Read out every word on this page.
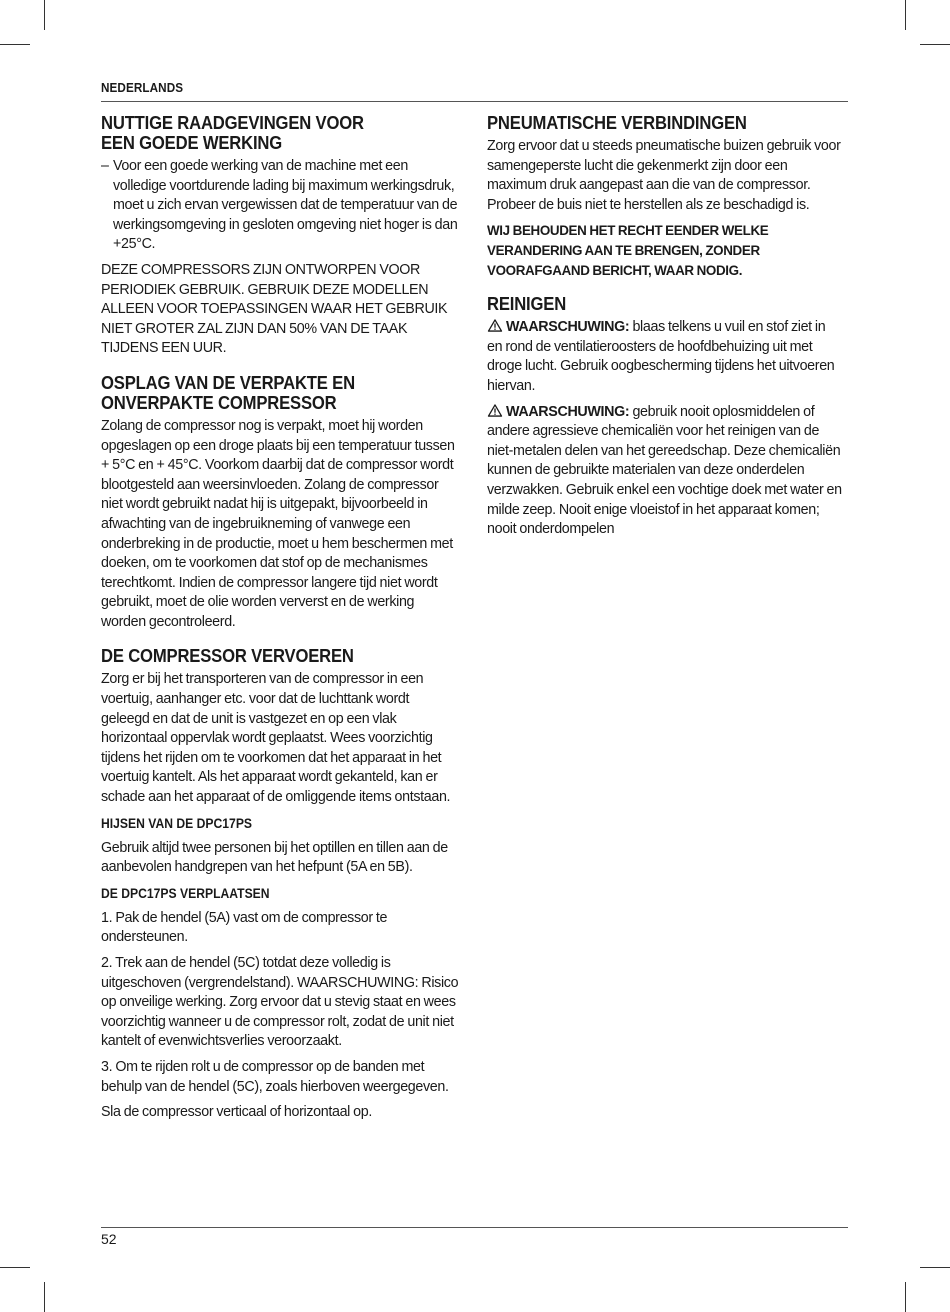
NEDERLANDS
NUTTIGE RAADGEVINGEN VOOR
EEN GOEDE WERKING
– Voor een goede werking van de machine met een volledige voortdurende lading bij maximum werkingsdruk, moet u zich ervan vergewissen dat de temperatuur van de werkingsomgeving in gesloten omgeving niet hoger is dan +25°C.

DEZE COMPRESSORS ZIJN ONTWORPEN VOOR PERIODIEK GEBRUIK. GEBRUIK DEZE MODELLEN ALLEEN VOOR TOEPASSINGEN WAAR HET GEBRUIK NIET GROTER ZAL ZIJN DAN 50% VAN DE TAAK TIJDENS EEN UUR.

OSPLAG VAN DE VERPAKTE EN
ONVERPAKTE COMPRESSOR

Zolang de compressor nog is verpakt, moet hij worden opgeslagen op een droge plaats bij een temperatuur tussen + 5°C en + 45°C. Voorkom daarbij dat de compressor wordt blootgesteld aan weersinvloeden. Zolang de compressor niet wordt gebruikt nadat hij is uitgepakt, bijvoorbeeld in afwachting van de ingebruikneming of vanwege een onderbreking in de productie, moet u hem beschermen met doeken, om te voorkomen dat stof op de mechanismes terechtkomt. Indien de compressor langere tijd niet wordt gebruikt, moet de olie worden ververst en de werking worden gecontroleerd.

DE COMPRESSOR VERVOEREN

Zorg er bij het transporteren van de compressor in een voertuig, aanhanger etc. voor dat de luchttank wordt geleegd en dat de unit is vastgezet en op een vlak horizontaal oppervlak wordt geplaatst. Wees voorzichtig tijdens het rijden om te voorkomen dat het apparaat in het voertuig kantelt. Als het apparaat wordt gekanteld, kan er schade aan het apparaat of de omliggende items ontstaan.

HIJSEN VAN DE DPC17PS

Gebruik altijd twee personen bij het optillen en tillen aan de aanbevolen handgrepen van het hefpunt (5A en 5B).

DE DPC17PS VERPLAATSEN

1. Pak de hendel (5A) vast om de compressor te ondersteunen.

2. Trek aan de hendel (5C) totdat deze volledig is uitgeschoven (vergrendelstand). WAARSCHUWING: Risico op onveilige werking. Zorg ervoor dat u stevig staat en wees voorzichtig wanneer u de compressor rolt, zodat de unit niet kantelt of evenwichtsverlies veroorzaakt.

3. Om te rijden rolt u de compressor op de banden met behulp van de hendel (5C), zoals hierboven weergegeven.

Sla de compressor verticaal of horizontaal op.

PNEUMATISCHE VERBINDINGEN

Zorg ervoor dat u steeds pneumatische buizen gebruik voor samengeperste lucht die gekenmerkt zijn door een maximum druk aangepast aan die van de compressor. Probeer de buis niet te herstellen als ze beschadigd is.

WIJ BEHOUDEN HET RECHT EENDER WELKE VERANDERING AAN TE BRENGEN, ZONDER VOORAFGAAND BERICHT, WAAR NODIG.

REINIGEN

WAARSCHUWING: blaas telkens u vuil en stof ziet in en rond de ventilatieroosters de hoofdbehuizing uit met droge lucht. Gebruik oogbescherming tijdens het uitvoeren hiervan.

WAARSCHUWING: gebruik nooit oplosmiddelen of andere agressieve chemicaliën voor het reinigen van de niet-metalen delen van het gereedschap. Deze chemicaliën kunnen de gebruikte materialen van deze onderdelen verzwakken. Gebruik enkel een vochtige doek met water en milde zeep. Nooit enige vloeistof in het apparaat komen; nooit onderdompelen

52
